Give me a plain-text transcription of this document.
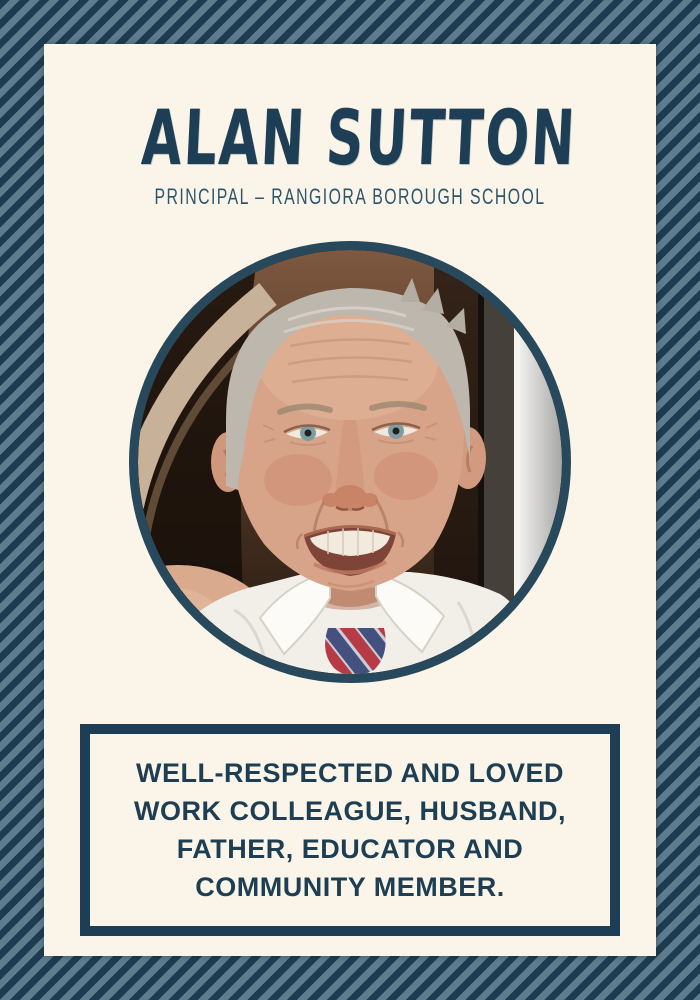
ALAN SUTTON
PRINCIPAL – RANGIORA BOROUGH SCHOOL

WELL-RESPECTED AND LOVED

WORK COLLEAGUE, HUSBAND,

FATHER, EDUCATOR AND

COMMUNITY MEMBER.
